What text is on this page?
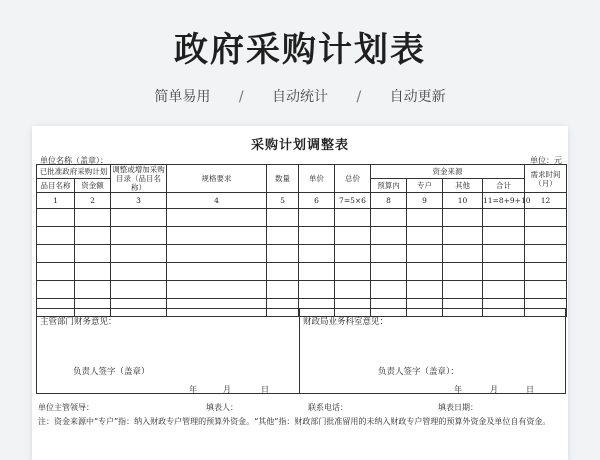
政府采购计划表
简单易用 / 自动统计 / 自动更新
采购计划调整表
单位名称（盖章）：	单位：元
已批准政府采购计划		调整或增加采购目录（品目名称）	规格要求	数量	单价	总价	资金来源				需求时间（月）
品目名称	资金额						预算内	专户	其他	合计	
1	2	3	4	5	6	7=5×6	8	9	10	11=8+9+10	12

主管部门财务意见：
负责人签字（盖章）
年	月	日
财政局业务科室意见：
负责人签字（盖章）：
年	月	日
单位主管领导：	填表人：	联系电话：	填表日期：
注：资金来源中“专户”指：纳入财政专户管理的预算外资金。“其他”指：财政部门批准留用的未纳入财政专户管理的预算外资金及单位自有资金。
